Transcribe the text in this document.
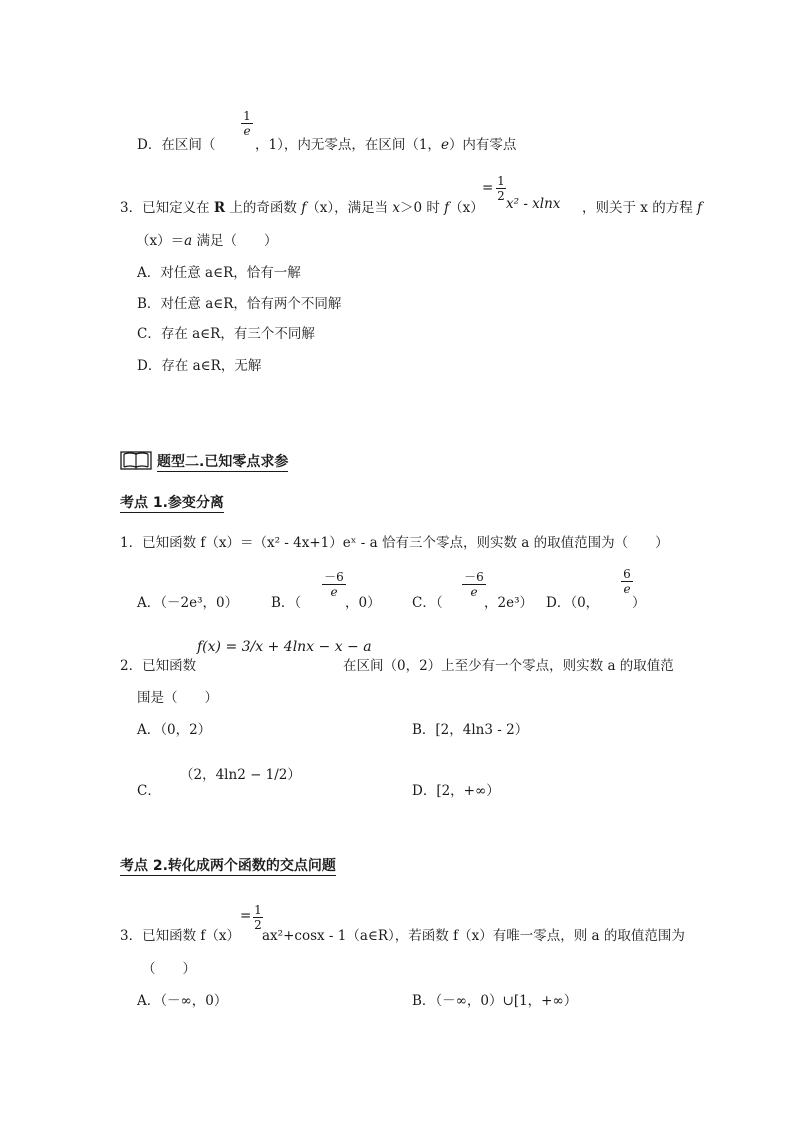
D．在区间（
$\frac{1}{e}$
，1），内无零点，在区间（1，e）内有零点
3．已知定义在 R 上的奇函数 f（x），满足当 x＞0 时 f（x）
= $\frac{1}{2}$
x² - xlnx ，则关于 x 的方程 f
（x）＝a 满足（　　）
A．对任意 a∈R，恰有一解
B．对任意 a∈R，恰有两个不同解
C．存在 a∈R，有三个不同解
D．存在 a∈R，无解
题型二.已知零点求参
考点 1.参变分离
1．已知函数 f（x）＝（x² - 4x+1）eˣ - a 恰有三个零点，则实数 a 的取值范围为（　　）
A．（－2e³，0） B．（
$\frac{-6}{e}$
，0） C．（
$\frac{-6}{e}$
，2e³） D．（0，
$\frac{6}{e}$
）
2．已知函数
f(x) = 3/x + 4lnx − x − a
在区间（0，2）上至少有一个零点，则实数 a 的取值范
围是（　　）
A．（0，2）	B．[2，4ln3 - 2）
C．
（2，4ln2 − 1/2）
D．[2，+∞）
考点 2.转化成两个函数的交点问题
3．已知函数 f（x）
= $\frac{1}{2}$
ax²+cosx - 1（a∈R），若函数 f（x）有唯一零点，则 a 的取值范围为
（　　）
A．（－∞，0）	B．（－∞，0）∪[1，+∞）
